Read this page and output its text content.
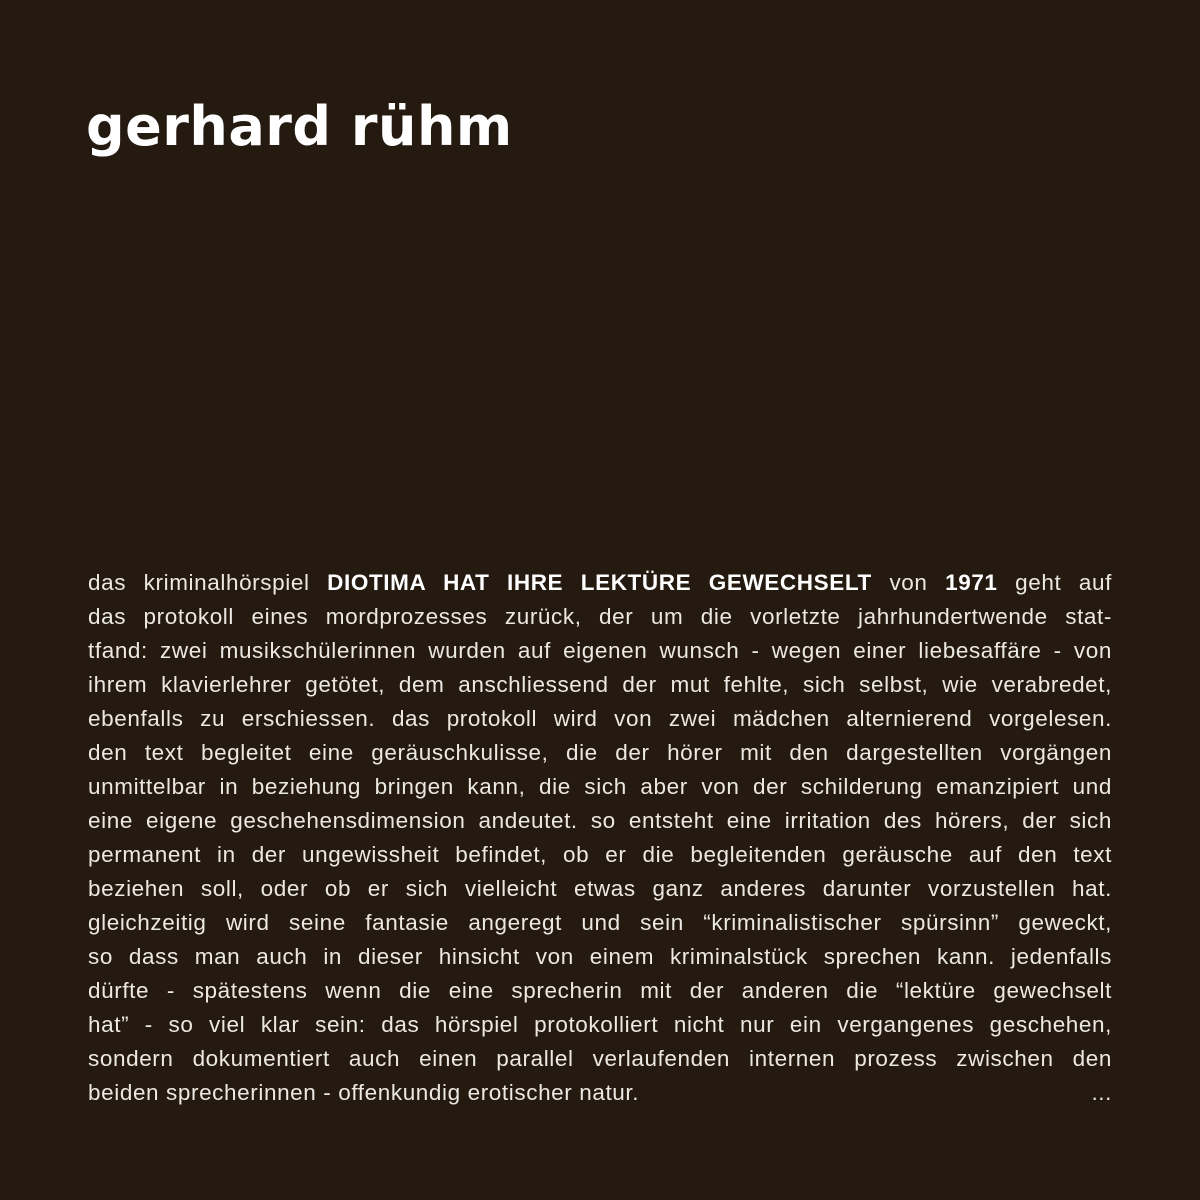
gerhard rühm
das kriminalhörspiel DIOTIMA HAT IHRE LEKTÜRE GEWECHSELT von 1971 geht auf
das protokoll eines mordprozesses zurück, der um die vorletzte jahrhundertwende stat-
tfand: zwei musikschülerinnen wurden auf eigenen wunsch - wegen einer liebesaffäre - von
ihrem klavierlehrer getötet, dem anschliessend der mut fehlte, sich selbst, wie verabredet,
ebenfalls zu erschiessen. das protokoll wird von zwei mädchen alternierend vorgelesen.
den text begleitet eine geräuschkulisse, die der hörer mit den dargestellten vorgängen
unmittelbar in beziehung bringen kann, die sich aber von der schilderung emanzipiert und
eine eigene geschehensdimension andeutet. so entsteht eine irritation des hörers, der sich
permanent in der ungewissheit befindet, ob er die begleitenden geräusche auf den text
beziehen soll, oder ob er sich vielleicht etwas ganz anderes darunter vorzustellen hat.
gleichzeitig wird seine fantasie angeregt und sein “kriminalistischer spürsinn” geweckt,
so dass man auch in dieser hinsicht von einem kriminalstück sprechen kann. jedenfalls
dürfte - spätestens wenn die eine sprecherin mit der anderen die “lektüre gewechselt
hat” - so viel klar sein: das hörspiel protokolliert nicht nur ein vergangenes geschehen,
sondern dokumentiert auch einen parallel verlaufenden internen prozess zwischen den
beiden sprecherinnen - offenkundig erotischer natur.	...
